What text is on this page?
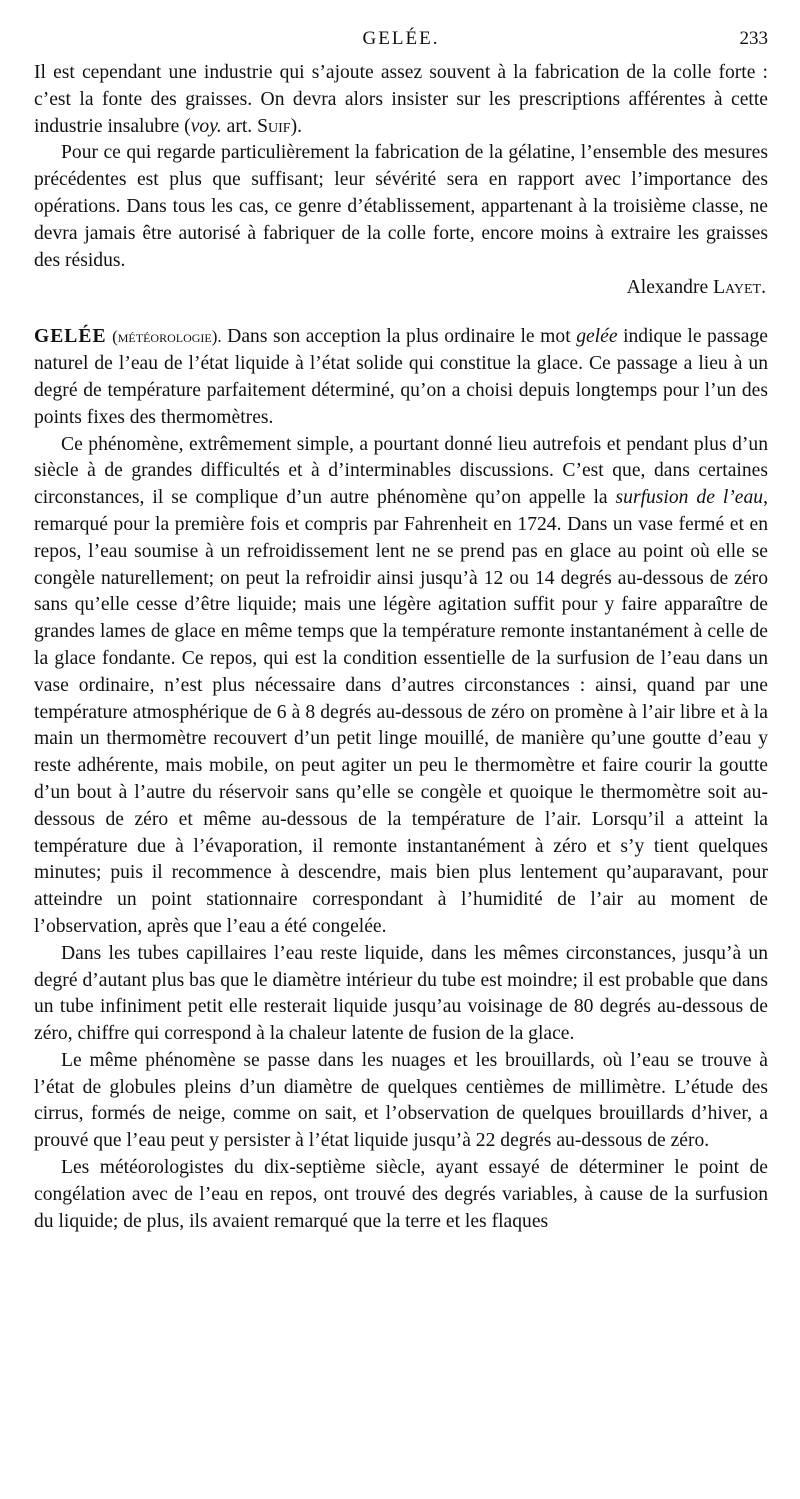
GELÉE.	233

Il est cependant une industrie qui s’ajoute assez souvent à la fabrication de la colle forte : c’est la fonte des graisses. On devra alors insister sur les prescriptions afférentes à cette industrie insalubre (voy. art. Suif).

Pour ce qui regarde particulièrement la fabrication de la gélatine, l’ensemble des mesures précédentes est plus que suffisant; leur sévérité sera en rapport avec l’importance des opérations. Dans tous les cas, ce genre d’établissement, appartenant à la troisième classe, ne devra jamais être autorisé à fabriquer de la colle forte, encore moins à extraire les graisses des résidus.

Alexandre Layet.

GELÉE (météorologie). Dans son acception la plus ordinaire le mot gelée indique le passage naturel de l’eau de l’état liquide à l’état solide qui constitue la glace. Ce passage a lieu à un degré de température parfaitement déterminé, qu’on a choisi depuis longtemps pour l’un des points fixes des thermomètres.

Ce phénomène, extrêmement simple, a pourtant donné lieu autrefois et pendant plus d’un siècle à de grandes difficultés et à d’interminables discussions. C’est que, dans certaines circonstances, il se complique d’un autre phénomène qu’on appelle la surfusion de l’eau, remarqué pour la première fois et compris par Fahrenheit en 1724. Dans un vase fermé et en repos, l’eau soumise à un refroidissement lent ne se prend pas en glace au point où elle se congèle naturellement; on peut la refroidir ainsi jusqu’à 12 ou 14 degrés au-dessous de zéro sans qu’elle cesse d’être liquide; mais une légère agitation suffit pour y faire apparaître de grandes lames de glace en même temps que la température remonte instantanément à celle de la glace fondante. Ce repos, qui est la condition essentielle de la surfusion de l’eau dans un vase ordinaire, n’est plus nécessaire dans d’autres circonstances : ainsi, quand par une température atmosphérique de 6 à 8 degrés au-dessous de zéro on promène à l’air libre et à la main un thermomètre recouvert d’un petit linge mouillé, de manière qu’une goutte d’eau y reste adhérente, mais mobile, on peut agiter un peu le thermomètre et faire courir la goutte d’un bout à l’autre du réservoir sans qu’elle se congèle et quoique le thermomètre soit au-dessous de zéro et même au-dessous de la température de l’air. Lorsqu’il a atteint la température due à l’évaporation, il remonte instantanément à zéro et s’y tient quelques minutes; puis il recommence à descendre, mais bien plus lentement qu’auparavant, pour atteindre un point stationnaire correspondant à l’humidité de l’air au moment de l’observation, après que l’eau a été congelée.

Dans les tubes capillaires l’eau reste liquide, dans les mêmes circonstances, jusqu’à un degré d’autant plus bas que le diamètre intérieur du tube est moindre; il est probable que dans un tube infiniment petit elle resterait liquide jusqu’au voisinage de 80 degrés au-dessous de zéro, chiffre qui correspond à la chaleur latente de fusion de la glace.

Le même phénomène se passe dans les nuages et les brouillards, où l’eau se trouve à l’état de globules pleins d’un diamètre de quelques centièmes de millimètre. L’étude des cirrus, formés de neige, comme on sait, et l’observation de quelques brouillards d’hiver, a prouvé que l’eau peut y persister à l’état liquide jusqu’à 22 degrés au-dessous de zéro.

Les météorologistes du dix-septième siècle, ayant essayé de déterminer le point de congélation avec de l’eau en repos, ont trouvé des degrés variables, à cause de la surfusion du liquide; de plus, ils avaient remarqué que la terre et les flaques
